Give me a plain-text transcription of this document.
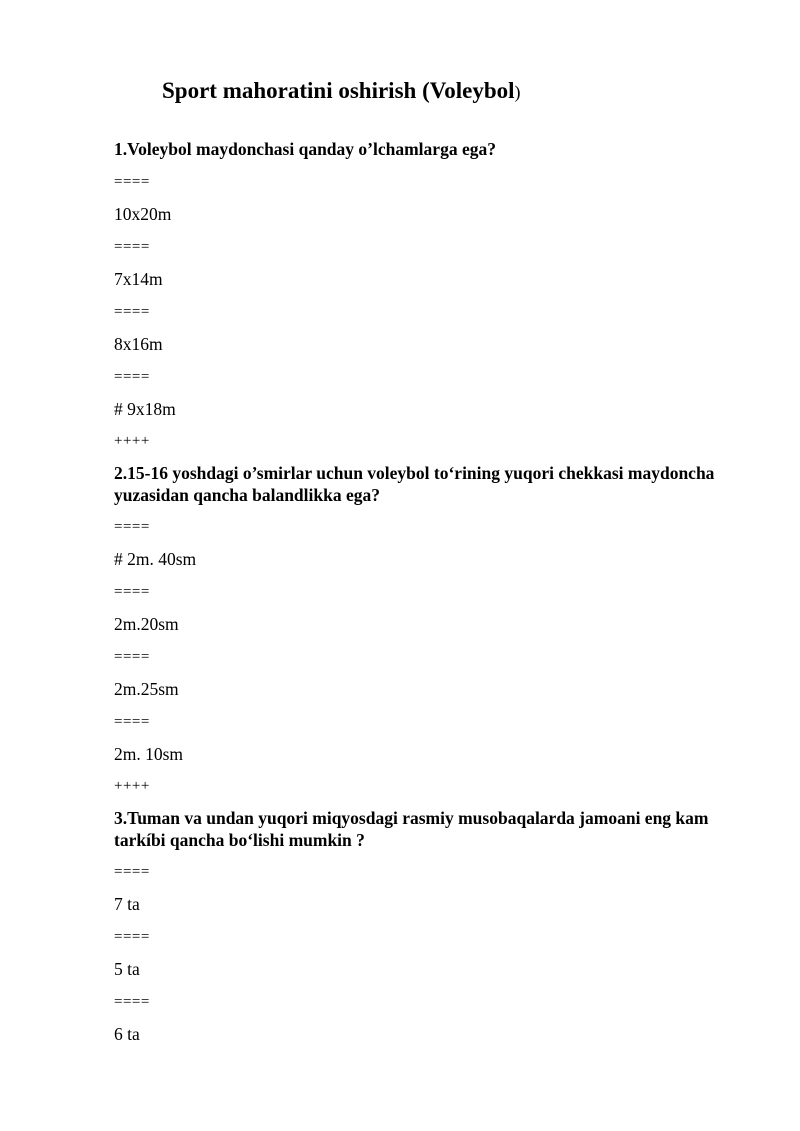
Sport mahoratini oshirish (Voleybol)
1.Voleybol maydonchasi qanday o’lchamlarga ega?
====
10x20m
====
7x14m
====
8x16m
====
# 9x18m
++++
2.15-16 yoshdagi o’smirlar uchun voleybol to‘rining yuqori chekkasi maydoncha yuzasidan qancha balandlikka ega?
====
# 2m. 40sm
====
2m.20sm
====
2m.25sm
====
2m. 10sm
++++
3.Tuman va undan yuqori miqyosdagi rasmiy musobaqalarda jamoani eng kam tarkíbi qancha bo‘lishi mumkin ?
====
7 ta
====
5 ta
====
6 ta
